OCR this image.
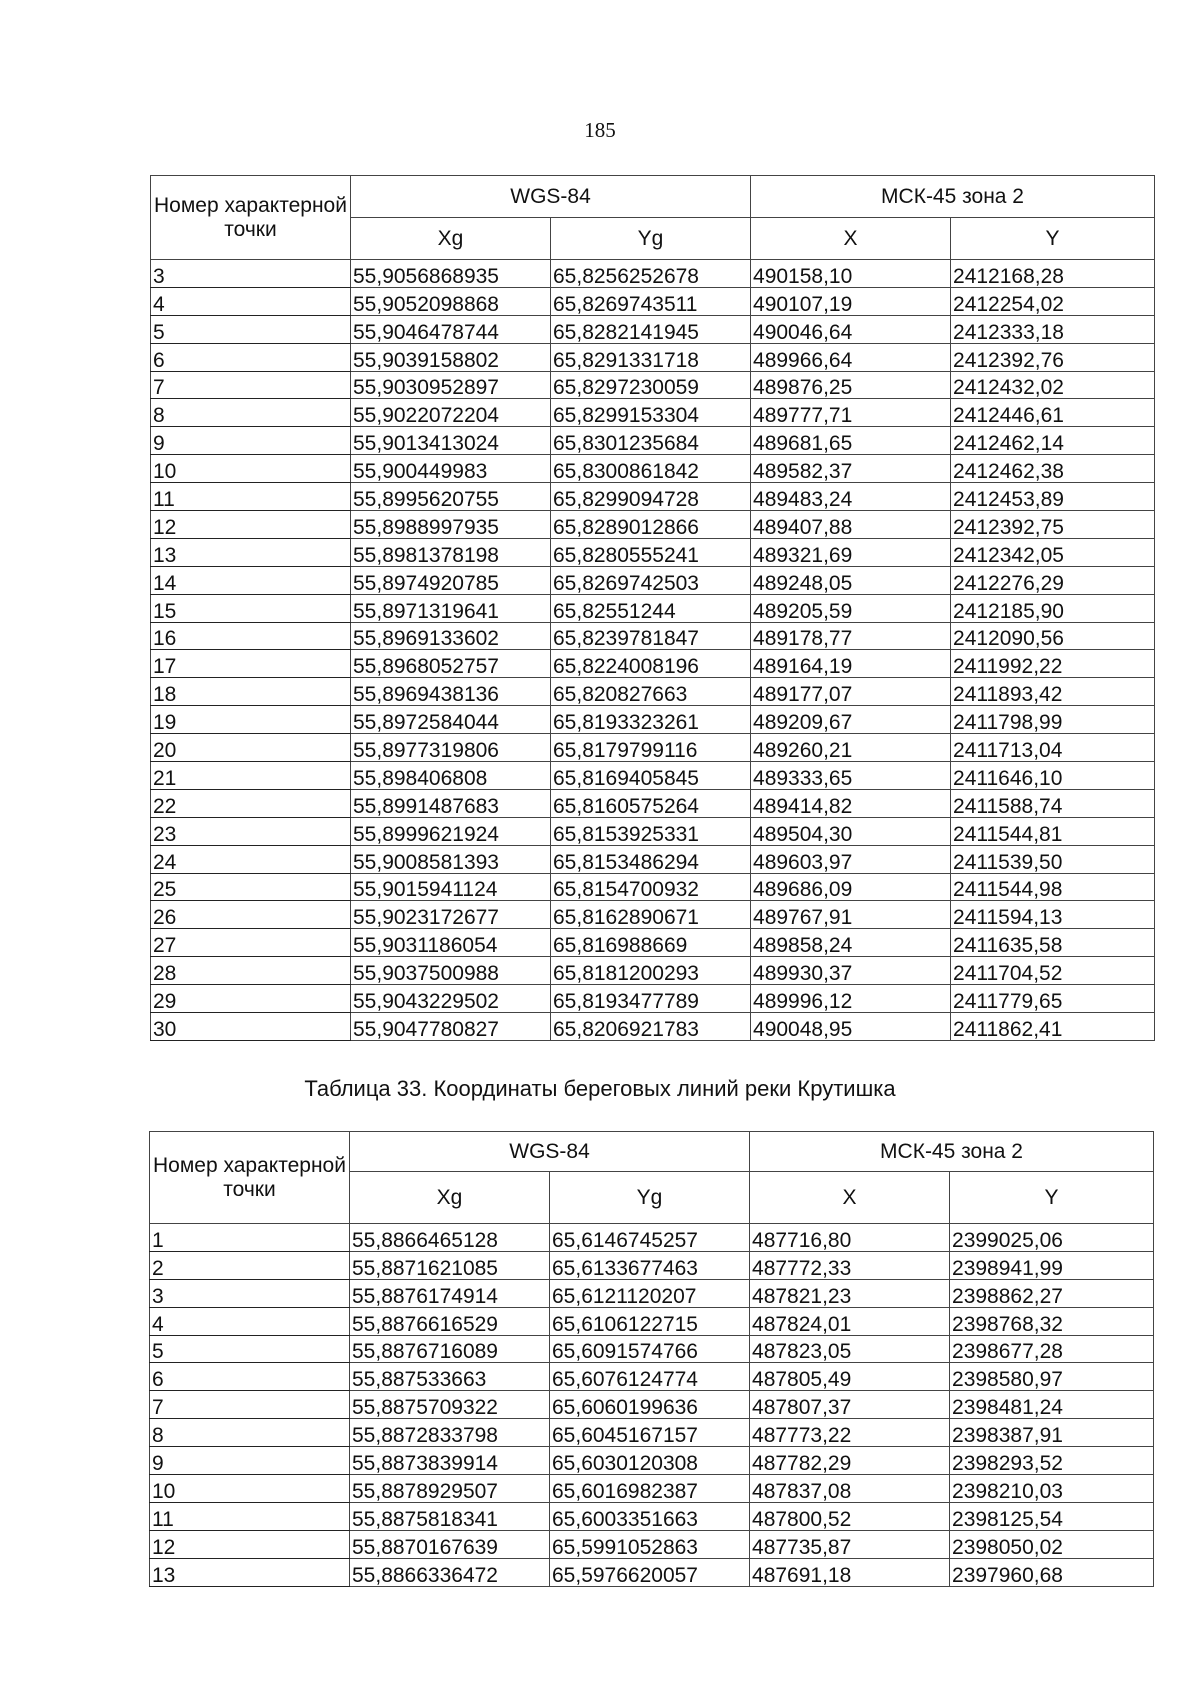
185
Номер характерной точки	WGS-84		МСК-45 зона 2	
	Xg	Yg	X	Y
3	55,9056868935	65,8256252678	490158,10	2412168,28
4	55,9052098868	65,8269743511	490107,19	2412254,02
5	55,9046478744	65,8282141945	490046,64	2412333,18
6	55,9039158802	65,8291331718	489966,64	2412392,76
7	55,9030952897	65,8297230059	489876,25	2412432,02
8	55,9022072204	65,8299153304	489777,71	2412446,61
9	55,9013413024	65,8301235684	489681,65	2412462,14
10	55,900449983	65,8300861842	489582,37	2412462,38
11	55,8995620755	65,8299094728	489483,24	2412453,89
12	55,8988997935	65,8289012866	489407,88	2412392,75
13	55,8981378198	65,8280555241	489321,69	2412342,05
14	55,8974920785	65,8269742503	489248,05	2412276,29
15	55,8971319641	65,82551244	489205,59	2412185,90
16	55,8969133602	65,8239781847	489178,77	2412090,56
17	55,8968052757	65,8224008196	489164,19	2411992,22
18	55,8969438136	65,820827663	489177,07	2411893,42
19	55,8972584044	65,8193323261	489209,67	2411798,99
20	55,8977319806	65,8179799116	489260,21	2411713,04
21	55,898406808	65,8169405845	489333,65	2411646,10
22	55,8991487683	65,8160575264	489414,82	2411588,74
23	55,8999621924	65,8153925331	489504,30	2411544,81
24	55,9008581393	65,8153486294	489603,97	2411539,50
25	55,9015941124	65,8154700932	489686,09	2411544,98
26	55,9023172677	65,8162890671	489767,91	2411594,13
27	55,9031186054	65,816988669	489858,24	2411635,58
28	55,9037500988	65,8181200293	489930,37	2411704,52
29	55,9043229502	65,8193477789	489996,12	2411779,65
30	55,9047780827	65,8206921783	490048,95	2411862,41
Таблица 33. Координаты береговых линий реки Крутишка
Номер характерной точки	WGS-84		МСК-45 зона 2	
	Xg	Yg	X	Y
1	55,8866465128	65,6146745257	487716,80	2399025,06
2	55,8871621085	65,6133677463	487772,33	2398941,99
3	55,8876174914	65,6121120207	487821,23	2398862,27
4	55,8876616529	65,6106122715	487824,01	2398768,32
5	55,8876716089	65,6091574766	487823,05	2398677,28
6	55,887533663	65,6076124774	487805,49	2398580,97
7	55,8875709322	65,6060199636	487807,37	2398481,24
8	55,8872833798	65,6045167157	487773,22	2398387,91
9	55,8873839914	65,6030120308	487782,29	2398293,52
10	55,8878929507	65,6016982387	487837,08	2398210,03
11	55,8875818341	65,6003351663	487800,52	2398125,54
12	55,8870167639	65,5991052863	487735,87	2398050,02
13	55,8866336472	65,5976620057	487691,18	2397960,68
